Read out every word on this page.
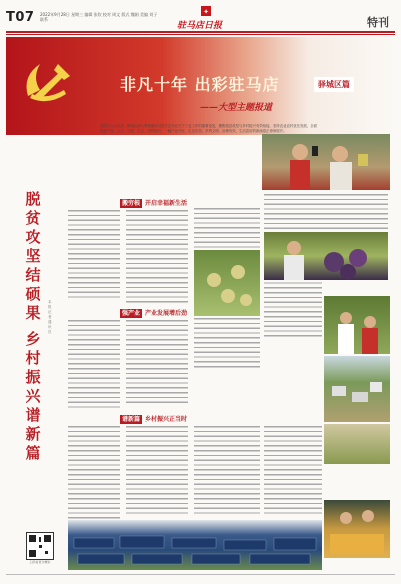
T07 2022年9月28日 星期三 编辑 张钦 校对 周文 版式 魏娟 美编 刘子 联系
✦
驻马店日报	特刊
非凡十年 出彩驻马店	驿城区篇
——大型主题报道
党的十八大以来，驿城区深入贯彻落实习近平总书记关于三农工作的重要论述，聚焦脱贫攻坚与乡村振兴有效衔接，坚持农业农村优先发展，全面推进产业、人才、文化、生态、组织振兴，一幅产业兴旺、生态宜居、乡风文明、治理有效、生活富裕的新画卷正徐徐展开。
脱贫攻坚结硕果
乡村振兴谱新篇
本报记者 通讯员
搬穷根 开启幸福新生活
强产业 产业发展增后劲
谱新篇 乡村振兴正当时
扫码看更多精彩
